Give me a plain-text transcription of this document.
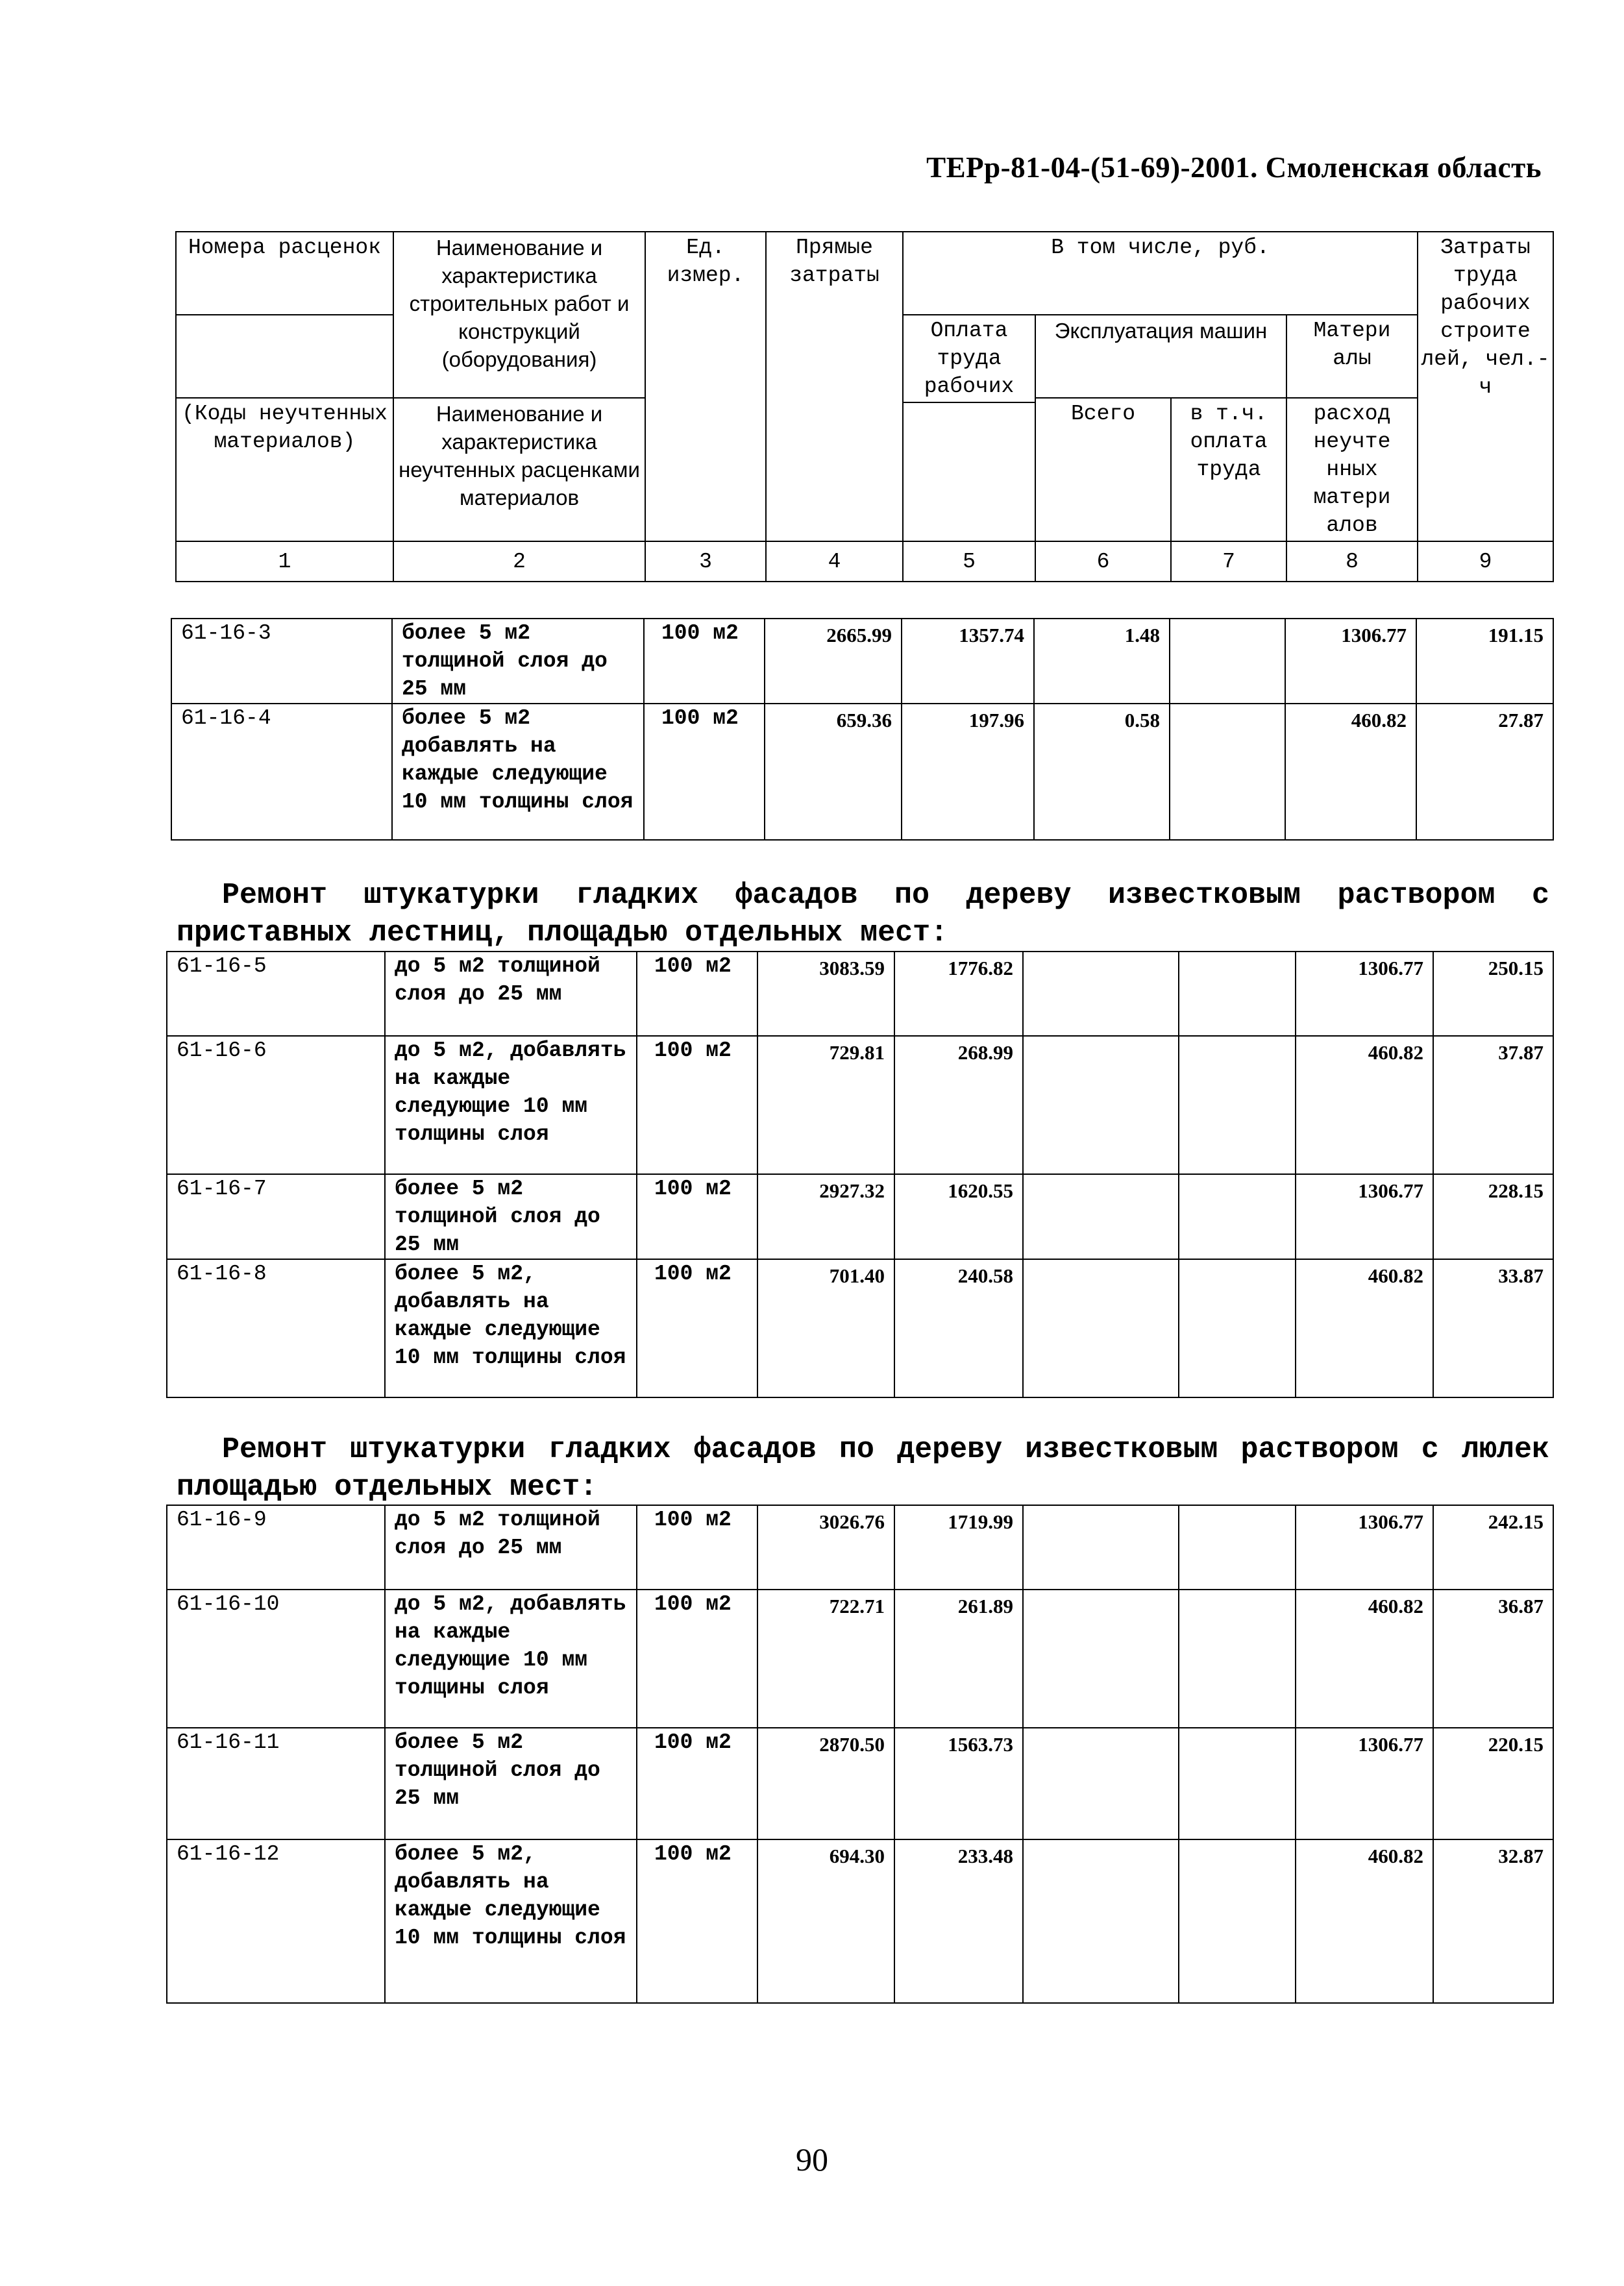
ТЕРр-81-04-(51-69)-2001. Смоленская область
Номера расценок	Наименование и характеристика строительных работ и конструкций (оборудования)	Ед. измер.	Прямые затраты	В том числе, руб.				Затраты труда рабочих строите лей, чел.-ч
				Оплата труда рабочих	Эксплуатация машин		Матери алы	
(Коды неучтенных материалов)	Наименование и характеристика неучтенных расценками материалов				Всего	в т.ч. оплата труда	расход неучте нных матери алов	

1	2	3	4	5	6	7	8	9
61-16-3	более 5 м2 толщиной слоя до 25 мм	100 м2	2665.99	1357.74	1.48		1306.77	191.15
61-16-4	более 5 м2 добавлять на каждые следующие 10 мм толщины слоя	100 м2	659.36	197.96	0.58		460.82	27.87
Ремонт штукатурки гладких фасадов по дереву известковым раствором с приставных лестниц, площадью отдельных мест:
61-16-5	до 5 м2 толщиной слоя до 25 мм	100 м2	3083.59	1776.82			1306.77	250.15
61-16-6	до 5 м2, добавлять на каждые следующие 10 мм толщины слоя	100 м2	729.81	268.99			460.82	37.87
61-16-7	более 5 м2 толщиной слоя до 25 мм	100 м2	2927.32	1620.55			1306.77	228.15
61-16-8	более 5 м2, добавлять на каждые следующие 10 мм толщины слоя	100 м2	701.40	240.58			460.82	33.87
Ремонт штукатурки гладких фасадов по дереву известковым раствором с люлек площадью отдельных мест:
61-16-9	до 5 м2 толщиной слоя до 25 мм	100 м2	3026.76	1719.99			1306.77	242.15
61-16-10	до 5 м2, добавлять на каждые следующие 10 мм толщины слоя	100 м2	722.71	261.89			460.82	36.87
61-16-11	более 5 м2 толщиной слоя до 25 мм	100 м2	2870.50	1563.73			1306.77	220.15
61-16-12	более 5 м2, добавлять на каждые следующие 10 мм толщины слоя	100 м2	694.30	233.48			460.82	32.87
90
